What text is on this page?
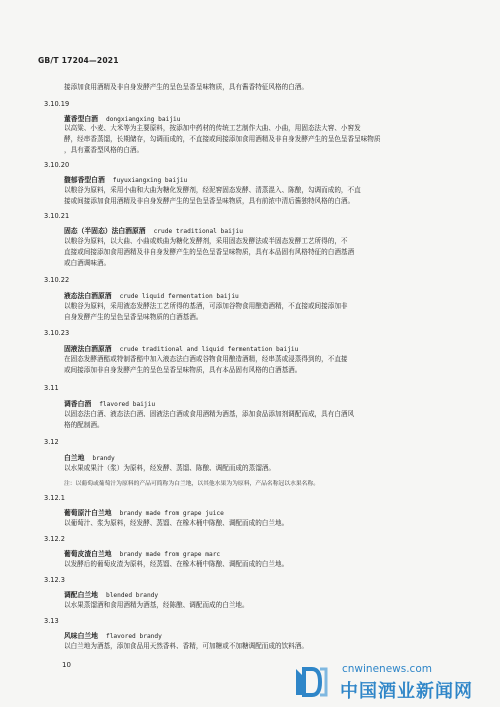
GB/T 17204—2021
接添加食用酒精及非自身发酵产生的呈色呈香呈味物质，具有酱香特征风格的白酒。
3.10.19
董香型白酒 dongxiangxing baijiu
以高粱、小麦、大米等为主要原料，按添加中药材的传统工艺制作大曲、小曲，用固态法大窖、小窖发
酵，经串香蒸馏，长期储存，勾调而成的，不直接或间接添加食用酒精及非自身发酵产生的呈色呈香呈味物质
，具有董香型风格的白酒。
3.10.20
馥郁香型白酒 fuyuxiangxing baijiu
以粮谷为原料，采用小曲和大曲为糖化发酵剂，经泥窖固态发酵、清蒸混入、陈酿，勾调而成的，不直
接或间接添加食用酒精及非自身发酵产生的呈色呈香呈味物质，具有前浓中清后酱独特风格的白酒。
3.10.21
固态（半固态）法白酒原酒 crude traditional baijiu
以粮谷为原料，以大曲、小曲或麸曲为糖化发酵剂，采用固态发酵法或半固态发酵工艺所得的，不
直接或间接添加食用酒精及非自身发酵产生的呈色呈香呈味物质，具有本品固有风格特征的白酒基酒
或白酒调味酒。
3.10.22
液态法白酒原酒 crude liquid fermentation baijiu
以粮谷为原料，采用液态发酵法工艺所得的基酒，可添加谷物食用酿造酒精，不直接或间接添加非
自身发酵产生的呈色呈香呈味物质的白酒基酒。
3.10.23
固液法白酒原酒 crude traditional and liquid fermentation baijiu
在固态发酵酒醅或特制香醅中加入液态法白酒或谷物食用酿造酒精，经串蒸或浸蒸得到的，不直接
或间接添加非自身发酵产生的呈色呈香呈味物质，具有本品固有风格的白酒基酒。
3.11
调香白酒 flavored baijiu
以固态法白酒、液态法白酒、固液法白酒或食用酒精为酒基，添加食品添加剂调配而成，具有白酒风
格的配制酒。
3.12
白兰地 brandy
以水果或果汁（浆）为原料，经发酵、蒸馏、陈酿、调配而成的蒸馏酒。
注：以葡萄或葡萄汁为原料的产品可简称为白兰地，以其他水果为为原料，产品名称冠以水果名称。
3.12.1
葡萄原汁白兰地 brandy made from grape juice
以葡萄汁、浆为原料，经发酵、蒸馏、在橡木桶中陈酿、调配而成的白兰地。
3.12.2
葡萄皮渣白兰地 brandy made from grape marc
以发酵后的葡萄皮渣为原料，经蒸馏、在橡木桶中陈酿、调配而成的白兰地。
3.12.3
调配白兰地 blended brandy
以水果蒸馏酒和食用酒精为酒基，经陈酿、调配而成的白兰地。
3.13
风味白兰地 flavored brandy
以白兰地为酒基，添加食品用天然香料、香精，可加糖或不加糖调配而成的饮料酒。
10	cnwinenews.com
中国酒业新闻网
